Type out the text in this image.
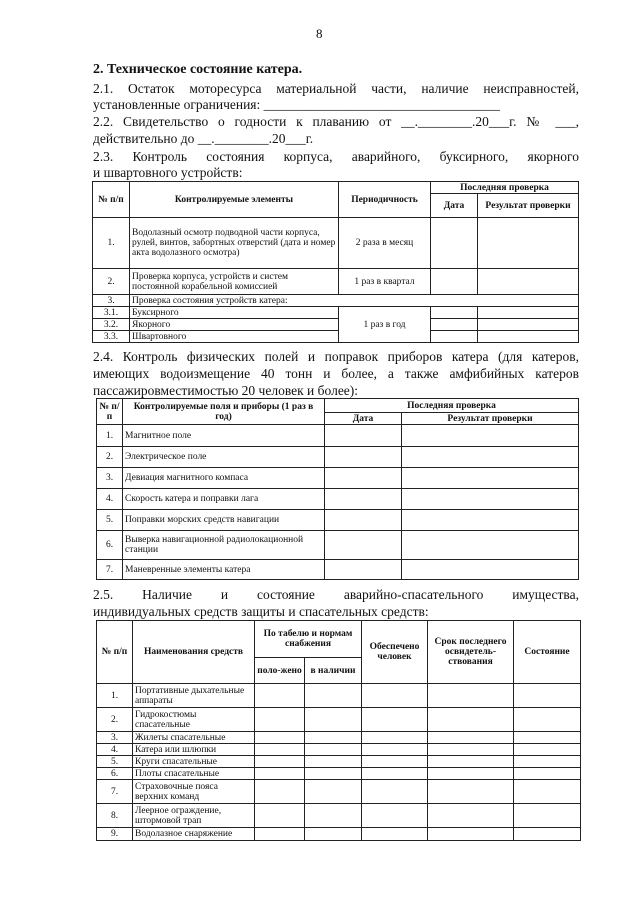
8
2. Техническое состояние катера.
2.1. Остаток моторесурса материальной части, наличие неисправностей,
установленные ограничения: ___________________________________
2.2. Свидетельство о годности к плаванию от __.________.20___г. № ___,
действительно до __.________.20___г.
2.3. Контроль состояния корпуса, аварийного, буксирного, якорного
и швартовного устройств:
№ п/п	Контролируемые элементы	Периодичность	Последняя проверка	
			Дата	Результат проверки
1.	Водолазный осмотр подводной части корпуса, рулей, винтов, забортных отверстий (дата и номер акта водолазного осмотра)	2 раза в месяц		
2.	Проверка корпуса, устройств и систем постоянной корабельной комиссией	1 раз в квартал		
3.	Проверка состояния устройств катера:			
3.1.	Буксирного	1 раз в год		
3.2.	Якорного			
3.3.	Швартовного			
2.4. Контроль физических полей и поправок приборов катера (для катеров,
имеющих водоизмещение 40 тонн и более, а также амфибийных катеров
пассажировместимостью 20 человек и более):
№ п/п	Контролируемые поля и приборы (1 раз в год)	Последняя проверка	
		Дата	Результат проверки
1.	Магнитное поле		
2.	Электрическое поле		
3.	Девиация магнитного компаса		
4.	Скорость катера и поправки лага		
5.	Поправки морских средств навигации		
6.	Выверка навигационной радиолокационной станции		
7.	Маневренные элементы катера		
2.5. Наличие и состояние аварийно-спасательного имущества,
индивидуальных средств защиты и спасательных средств:
№ п/п	Наименования средств	По табелю и нормам снабжения		Обеспечено человек	Срок последнего освидетель-ствования	Состояние
		поло-жено	в наличии			
1.	Портативные дыхательные аппараты					
2.	Гидрокостюмы спасательные					
3.	Жилеты спасательные					
4.	Катера или шлюпки					
5.	Круги спасательные					
6.	Плоты спасательные					
7.	Страховочные пояса верхних команд					
8.	Леерное ограждение, штормовой трап					
9.	Водолазное снаряжение					
